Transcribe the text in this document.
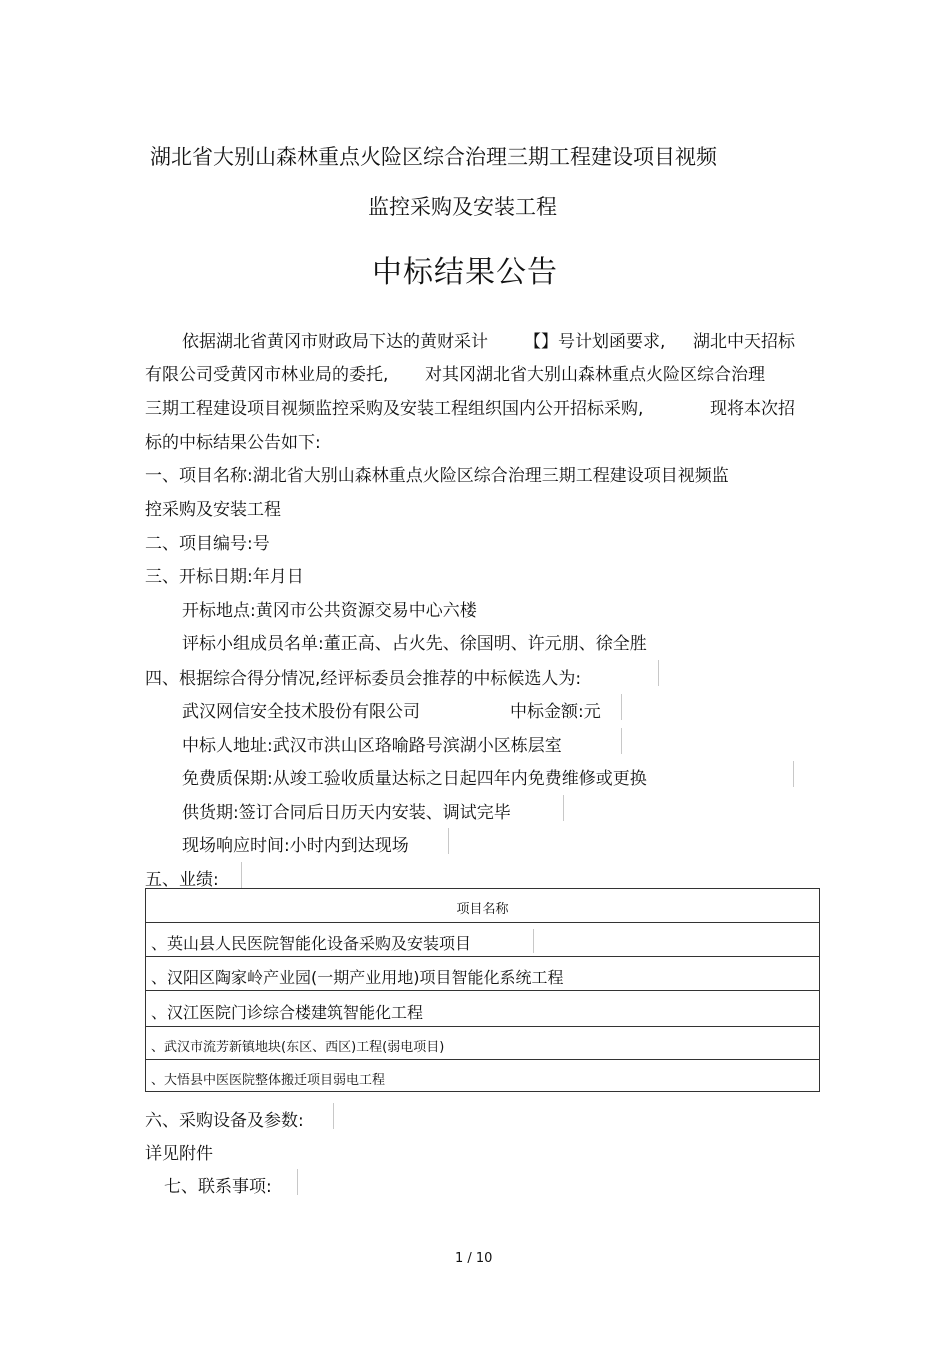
湖北省大别山森林重点火险区综合治理三期工程建设项目视频
监控采购及安装工程
中标结果公告
依据湖北省黄冈市财政局下达的黄财采计 【】号计划函要求, 湖北中天招标
有限公司受黄冈市林业局的委托, 对其冈湖北省大别山森林重点火险区综合治理
三期工程建设项目视频监控采购及安装工程组织国内公开招标采购,	现将本次招
标的中标结果公告如下:
一、项目名称:湖北省大别山森林重点火险区综合治理三期工程建设项目视频监
控采购及安装工程
二、项目编号:号
三、开标日期:年月日
开标地点:黄冈市公共资源交易中心六楼
评标小组成员名单:董正高、占火先、徐国明、许元朋、徐全胜
四、根据综合得分情况,经评标委员会推荐的中标候选人为:
武汉网信安全技术股份有限公司	中标金额:元
中标人地址:武汉市洪山区珞喻路号滨湖小区栋层室
免费质保期:从竣工验收质量达标之日起四年内免费维修或更换
供货期:签订合同后日历天内安装、调试完毕
现场响应时间:小时内到达现场
五、业绩:
项目名称
、英山县人民医院智能化设备采购及安装项目
、汉阳区陶家岭产业园(一期产业用地)项目智能化系统工程
、汉江医院门诊综合楼建筑智能化工程
、武汉市流芳新镇地块(东区、西区)工程(弱电项目)
、大悟县中医医院整体搬迁项目弱电工程
六、采购设备及参数:
详见附件
七、联系事项:
1 / 10
